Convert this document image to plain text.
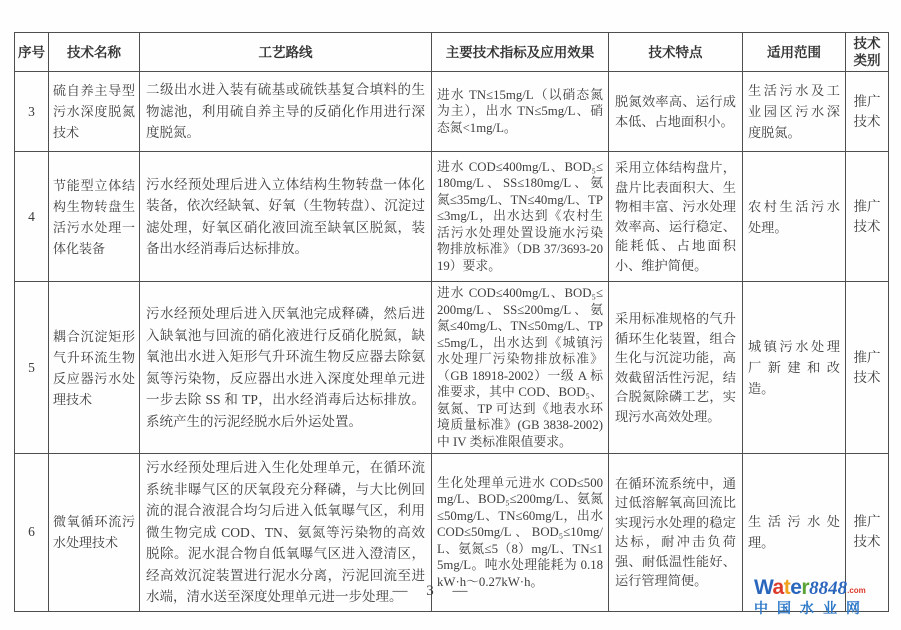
序号	技术名称	工艺路线	主要技术指标及应用效果	技术特点	适用范围	技术类别
3	硫自养主导型污水深度脱氮技术	二级出水进入装有硫基或硫铁基复合填料的生物滤池，利用硫自养主导的反硝化作用进行深度脱氮。	进水 TN≤15mg/L（以硝态氮为主），出水 TN≤5mg/L、硝态氮<1mg/L。	脱氮效率高、运行成本低、占地面积小。	生活污水及工业园区污水深度脱氮。	推广技术
4	节能型立体结构生物转盘生活污水处理一体化装备	污水经预处理后进入立体结构生物转盘一体化装备，依次经缺氧、好氧（生物转盘）、沉淀过滤处理，好氧区硝化液回流至缺氧区脱氮，装备出水经消毒后达标排放。	进水 COD≤400mg/L、BOD₅≤180mg/L、SS≤180mg/L、氨氮≤35mg/L、TN≤40mg/L、TP≤3mg/L，出水达到《农村生活污水处理处置设施水污染物排放标准》（DB 37/3693-2019）要求。	采用立体结构盘片，盘片比表面积大、生物相丰富、污水处理效率高、运行稳定、能耗低、占地面积小、维护简便。	农村生活污水处理。	推广技术
5	耦合沉淀矩形气升环流生物反应器污水处理技术	污水经预处理后进入厌氧池完成释磷，然后进入缺氧池与回流的硝化液进行反硝化脱氮，缺氧池出水进入矩形气升环流生物反应器去除氨氮等污染物，反应器出水进入深度处理单元进一步去除 SS 和 TP，出水经消毒后达标排放。系统产生的污泥经脱水后外运处置。	进水 COD≤400mg/L、BOD₅≤200mg/L、SS≤200mg/L、氨氮≤40mg/L、TN≤50mg/L、TP≤5mg/L，出水达到《城镇污水处理厂污染物排放标准》（GB 18918-2002）一级 A 标准要求，其中 COD、BOD₅、氨氮、TP 可达到《地表水环境质量标准》(GB 3838-2002)中 IV 类标准限值要求。	采用标准规格的气升循环生化装置，组合生化与沉淀功能，高效截留活性污泥，结合脱氮除磷工艺，实现污水高效处理。	城镇污水处理厂新建和改造。	推广技术
6	微氧循环流污水处理技术	污水经预处理后进入生化处理单元，在循环流系统非曝气区的厌氧段充分释磷，与大比例回流的混合液混合均匀后进入低氧曝气区，利用微生物完成 COD、TN、氨氮等污染物的高效脱除。泥水混合物自低氧曝气区进入澄清区，经高效沉淀装置进行泥水分离，污泥回流至进水端，清水送至深度处理单元进一步处理。	生化处理单元进水 COD≤500mg/L、BOD₅≤200mg/L、氨氮≤50mg/L、TN≤60mg/L，出水 COD≤50mg/L、BOD₅≤10mg/L、氨氮≤5（8）mg/L、TN≤15mg/L。吨水处理能耗为 0.18kW·h～0.27kW·h。	在循环流系统中，通过低溶解氧高回流比实现污水处理的稳定达标，耐冲击负荷强、耐低温性能好、运行管理简便。	生活污水处理。	推广技术
— 3 —	Water8848.com
中国水业网
